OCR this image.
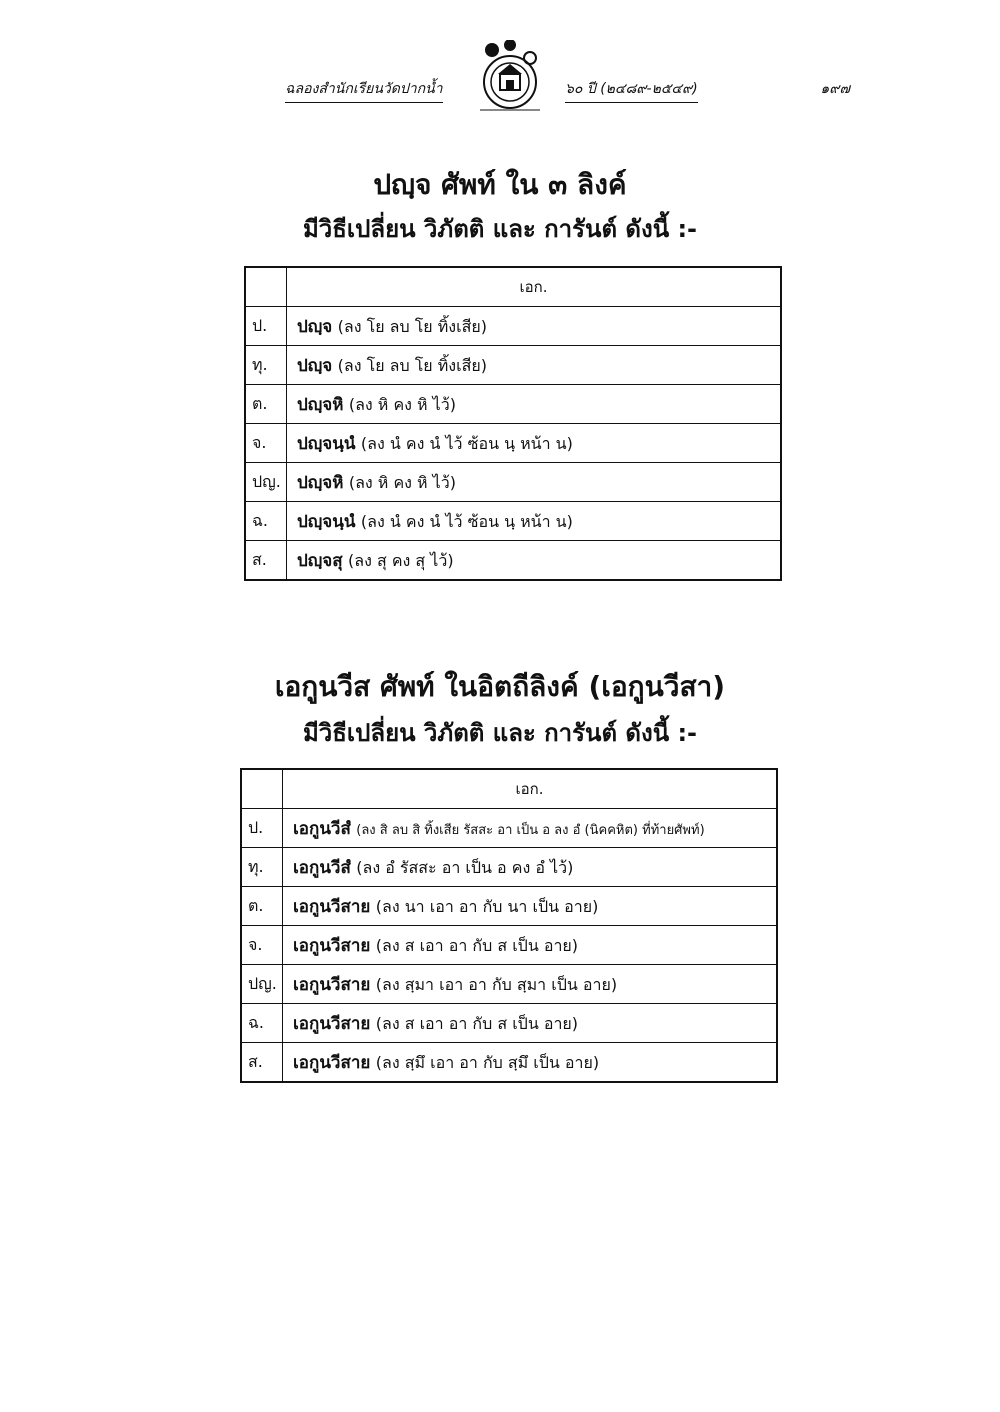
ฉลองสำนักเรียนวัดปากน้ำ	๖๐ ปี (๒๔๘๙-๒๕๔๙)	๑๙๗
ปญฺจ ศัพท์ ใน ๓ ลิงค์
มีวิธีเปลี่ยน วิภัตติ และ การันต์ ดังนี้ :-
	เอก.
ป.	ปญฺจ (ลง โย ลบ โย ทิ้งเสีย)
ทุ.	ปญฺจ (ลง โย ลบ โย ทิ้งเสีย)
ต.	ปญฺจหิ (ลง หิ คง หิ ไว้)
จ.	ปญฺจนฺนํ (ลง นํ คง นํ ไว้ ซ้อน นฺ หน้า น)
ปญ.	ปญฺจหิ (ลง หิ คง หิ ไว้)
ฉ.	ปญฺจนฺนํ (ลง นํ คง นํ ไว้ ซ้อน นฺ หน้า น)
ส.	ปญฺจสุ (ลง สุ คง สุ ไว้)
เอกูนวีส ศัพท์ ในอิตถีลิงค์ (เอกูนวีสา)
มีวิธีเปลี่ยน วิภัตติ และ การันต์ ดังนี้ :-
	เอก.
ป.	เอกูนวีสํ (ลง สิ ลบ สิ ทิ้งเสีย รัสสะ อา เป็น อ ลง อํ (นิคคหิต) ที่ท้ายศัพท์)
ทุ.	เอกูนวีสํ (ลง อํ รัสสะ อา เป็น อ คง อํ ไว้)
ต.	เอกูนวีสาย (ลง นา เอา อา กับ นา เป็น อาย)
จ.	เอกูนวีสาย (ลง ส เอา อา กับ ส เป็น อาย)
ปญ.	เอกูนวีสาย (ลง สฺมา เอา อา กับ สฺมา เป็น อาย)
ฉ.	เอกูนวีสาย (ลง ส เอา อา กับ ส เป็น อาย)
ส.	เอกูนวีสาย (ลง สฺมึ เอา อา กับ สฺมึ เป็น อาย)
